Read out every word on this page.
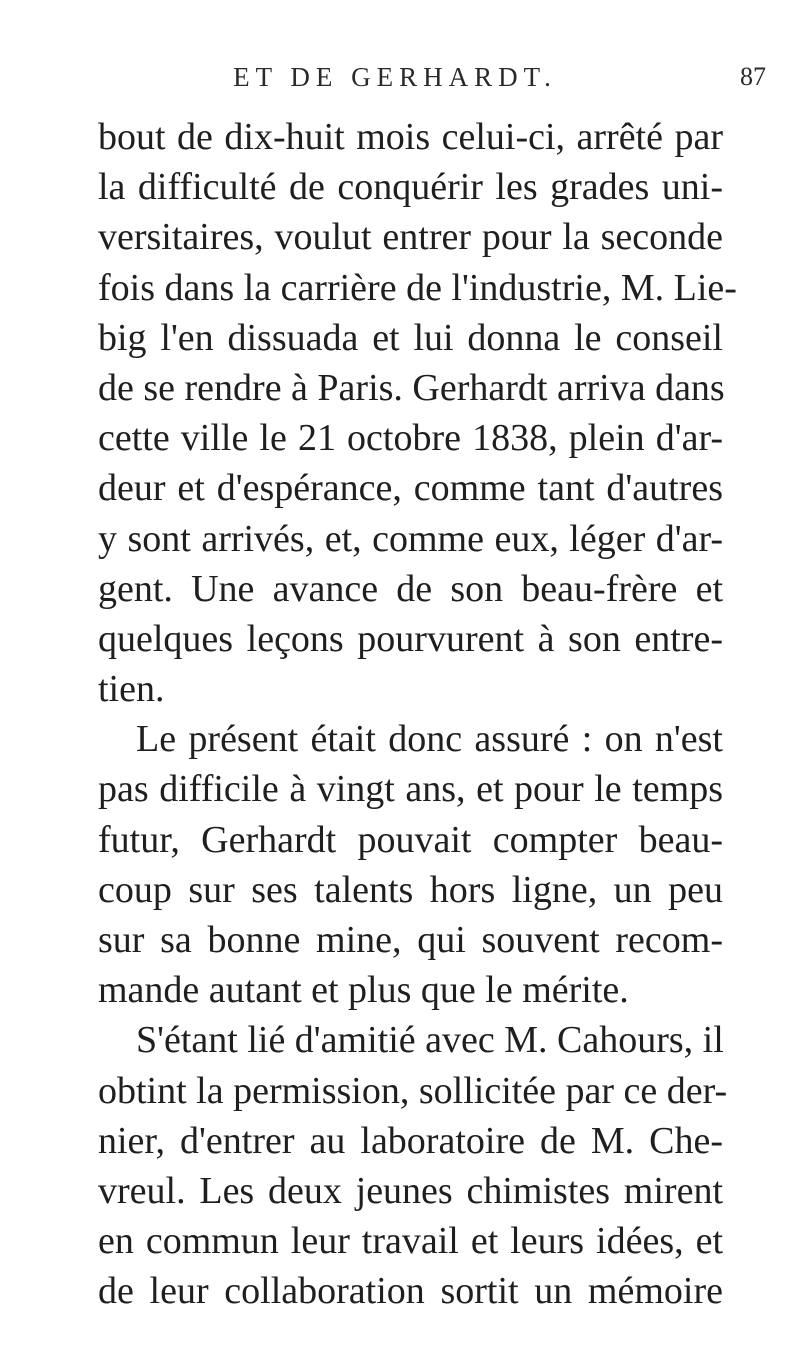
ET DE GERHARDT.	87
bout de dix-huit mois celui-ci, arrêté par
la difficulté de conquérir les grades uni-
versitaires, voulut entrer pour la seconde
fois dans la carrière de l'industrie, M. Lie-
big l'en dissuada et lui donna le conseil
de se rendre à Paris. Gerhardt arriva dans
cette ville le 21 octobre 1838, plein d'ar-
deur et d'espérance, comme tant d'autres
y sont arrivés, et, comme eux, léger d'ar-
gent. Une avance de son beau-frère et
quelques leçons pourvurent à son entre-
tien.
Le présent était donc assuré : on n'est
pas difficile à vingt ans, et pour le temps
futur, Gerhardt pouvait compter beau-
coup sur ses talents hors ligne, un peu
sur sa bonne mine, qui souvent recom-
mande autant et plus que le mérite.
S'étant lié d'amitié avec M. Cahours, il
obtint la permission, sollicitée par ce der-
nier, d'entrer au laboratoire de M. Che-
vreul. Les deux jeunes chimistes mirent
en commun leur travail et leurs idées, et
de leur collaboration sortit un mémoire
